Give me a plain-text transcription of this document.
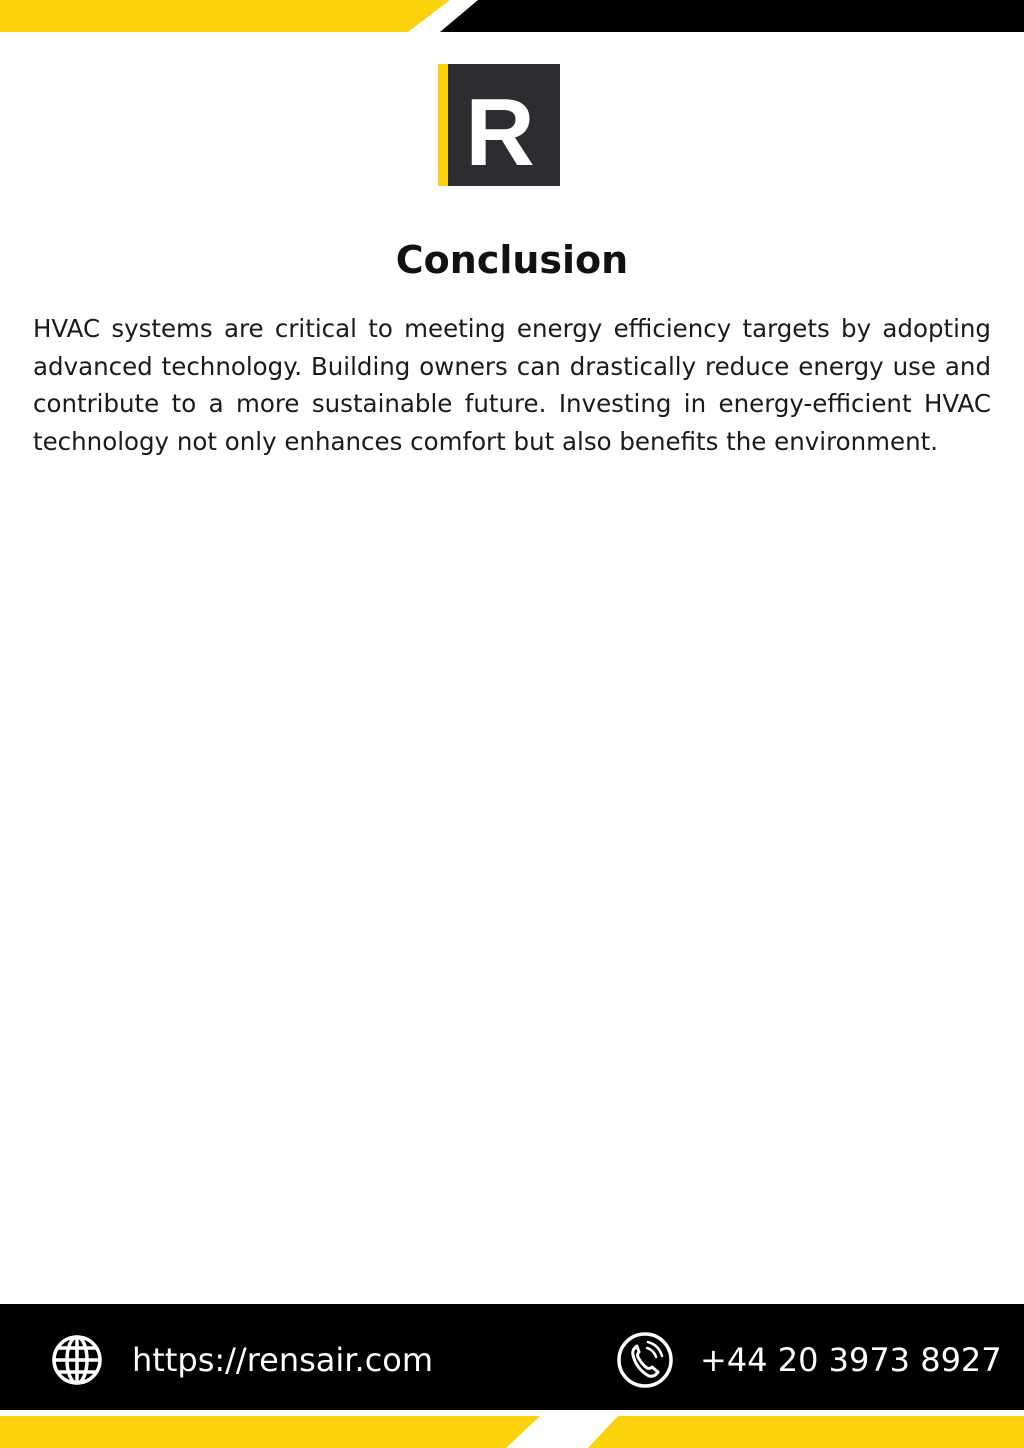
R
Conclusion

HVAC systems are critical to meeting energy efficiency targets by adopting advanced technology. Building owners can drastically reduce energy use and contribute to a more sustainable future. Investing in energy-efficient HVAC technology not only enhances comfort but also benefits the environment.

https://rensair.com	+44 20 3973 8927
